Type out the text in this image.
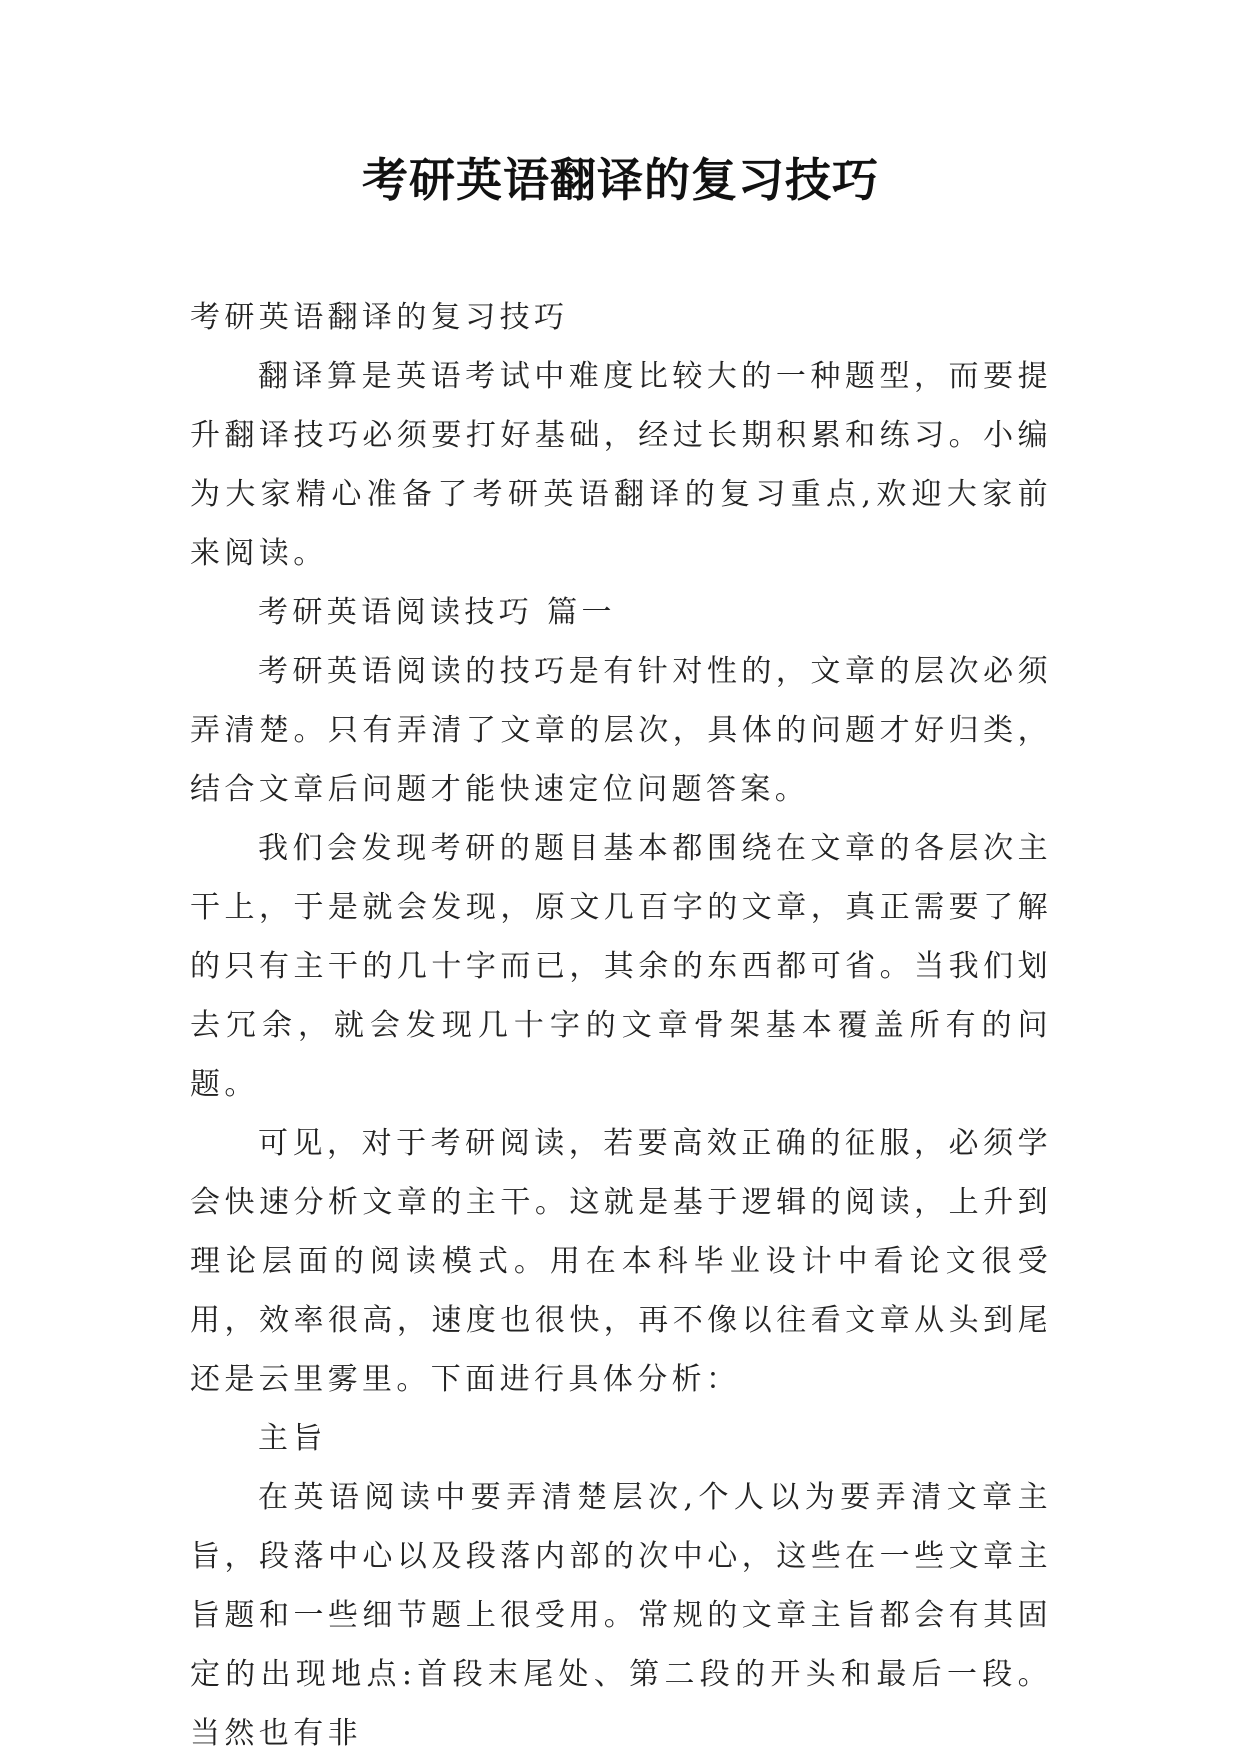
考研英语翻译的复习技巧

考研英语翻译的复习技巧

翻译算是英语考试中难度比较大的一种题型，而要提升翻译技巧必须要打好基础，经过长期积累和练习。小编为大家精心准备了考研英语翻译的复习重点,欢迎大家前来阅读。

考研英语阅读技巧 篇一

考研英语阅读的技巧是有针对性的，文章的层次必须弄清楚。只有弄清了文章的层次，具体的问题才好归类，结合文章后问题才能快速定位问题答案。

我们会发现考研的题目基本都围绕在文章的各层次主干上，于是就会发现，原文几百字的文章，真正需要了解的只有主干的几十字而已，其余的东西都可省。当我们划去冗余，就会发现几十字的文章骨架基本覆盖所有的问题。

可见，对于考研阅读，若要高效正确的征服，必须学会快速分析文章的主干。这就是基于逻辑的阅读，上升到理论层面的阅读模式。用在本科毕业设计中看论文很受用，效率很高，速度也很快，再不像以往看文章从头到尾还是云里雾里。下面进行具体分析：

主旨

在英语阅读中要弄清楚层次,个人以为要弄清文章主旨，段落中心以及段落内部的次中心，这些在一些文章主旨题和一些细节题上很受用。常规的文章主旨都会有其固定的出现地点:首段末尾处、第二段的开头和最后一段。当然也有非
